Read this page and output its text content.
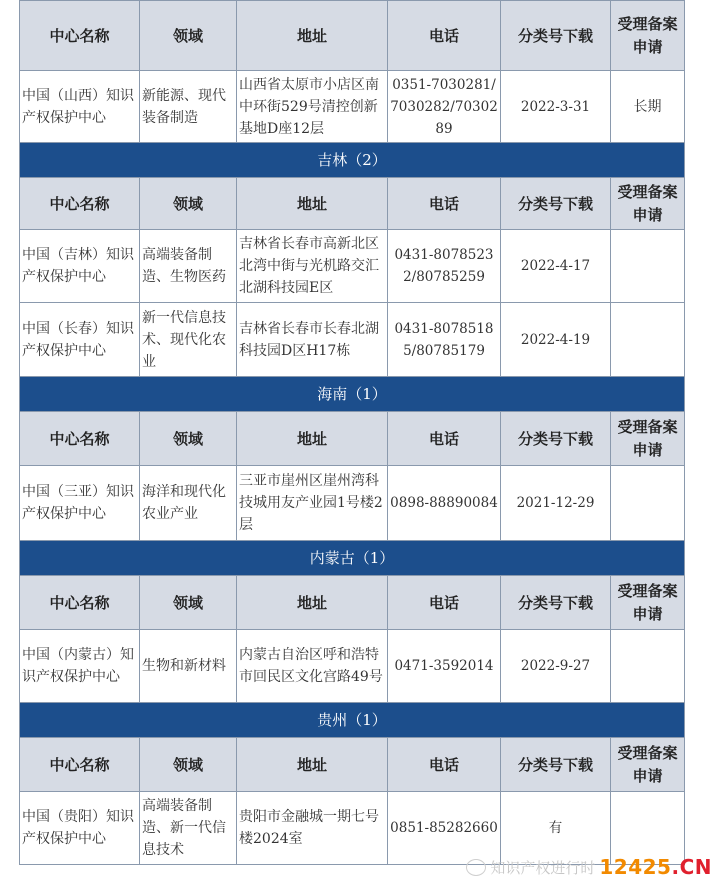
中心名称	领域	地址	电话	分类号下载	受理备案申请
中国（山西）知识产权保护中心	新能源、现代装备制造	山西省太原市小店区南中环街529号清控创新基地D座12层	0351-7030281/7030282/7030289	2022-3-31	长期
吉林（2）					
中心名称	领域	地址	电话	分类号下载	受理备案申请
中国（吉林）知识产权保护中心	高端装备制造、生物医药	吉林省长春市高新北区北湾中街与光机路交汇北湖科技园E区	0431-80785232/80785259	2022-4-17	
中国（长春）知识产权保护中心	新一代信息技术、现代化农业	吉林省长春市长春北湖科技园D区H17栋	0431-80785185/80785179	2022-4-19	
海南（1）					
中心名称	领域	地址	电话	分类号下载	受理备案申请
中国（三亚）知识产权保护中心	海洋和现代化农业产业	三亚市崖州区崖州湾科技城用友产业园1号楼2层	0898-88890084	2021-12-29	
内蒙古（1）					
中心名称	领域	地址	电话	分类号下载	受理备案申请
中国（内蒙古）知识产权保护中心	生物和新材料	内蒙古自治区呼和浩特市回民区文化宫路49号	0471-3592014	2022-9-27	
贵州（1）					
中心名称	领域	地址	电话	分类号下载	受理备案申请
中国（贵阳）知识产权保护中心	高端装备制造、新一代信息技术	贵阳市金融城一期七号楼2024室	0851-85282660	有	
知识产权进行时 12425.CN
